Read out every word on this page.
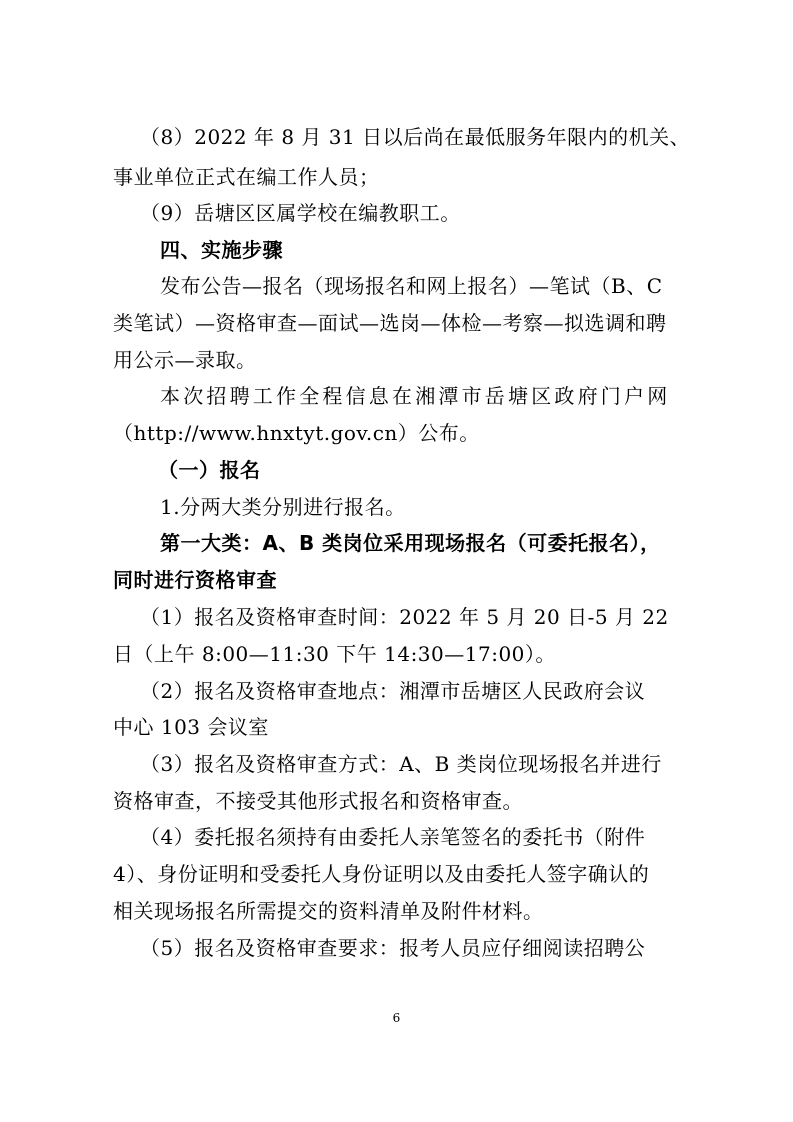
（8）2022 年 8 月 31 日以后尚在最低服务年限内的机关、
事业单位正式在编工作人员；
（9）岳塘区区属学校在编教职工。
四、实施步骤
发布公告—报名（现场报名和网上报名）—笔试（B、C
类笔试）—资格审查—面试—选岗—体检—考察—拟选调和聘
用公示—录取。
本次招聘工作全程信息在湘潭市岳塘区政府门户网
（http://www.hnxtyt.gov.cn）公布。
（一）报名
1.分两大类分别进行报名。
第一大类：A、B 类岗位采用现场报名（可委托报名），
同时进行资格审查
（1）报名及资格审查时间：2022 年 5 月 20 日-5 月 22
日（上午 8:00—11:30 下午 14:30—17:00）。
（2）报名及资格审查地点：湘潭市岳塘区人民政府会议
中心 103 会议室
（3）报名及资格审查方式：A、B 类岗位现场报名并进行
资格审查，不接受其他形式报名和资格审查。
（4）委托报名须持有由委托人亲笔签名的委托书（附件
4）、身份证明和受委托人身份证明以及由委托人签字确认的
相关现场报名所需提交的资料清单及附件材料。
（5）报名及资格审查要求：报考人员应仔细阅读招聘公
6
